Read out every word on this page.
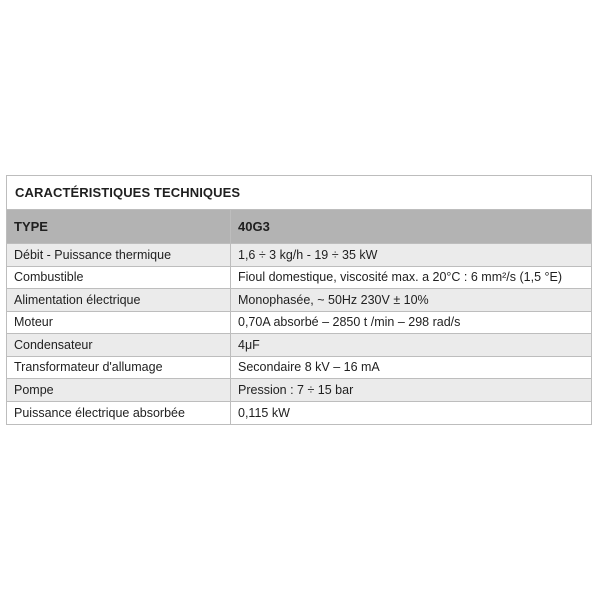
CARACTÉRISTIQUES TECHNIQUES
TYPE	40G3
Débit - Puissance thermique	1,6 ÷ 3 kg/h - 19 ÷ 35 kW
Combustible	Fioul domestique, viscosité max. a 20°C : 6 mm²/s (1,5 °E)
Alimentation électrique	Monophasée, ~ 50Hz 230V ± 10%
Moteur	0,70A absorbé – 2850 t /min – 298 rad/s
Condensateur	4μF
Transformateur d'allumage	Secondaire 8 kV – 16 mA
Pompe	Pression : 7 ÷ 15 bar
Puissance électrique absorbée	0,115 kW
